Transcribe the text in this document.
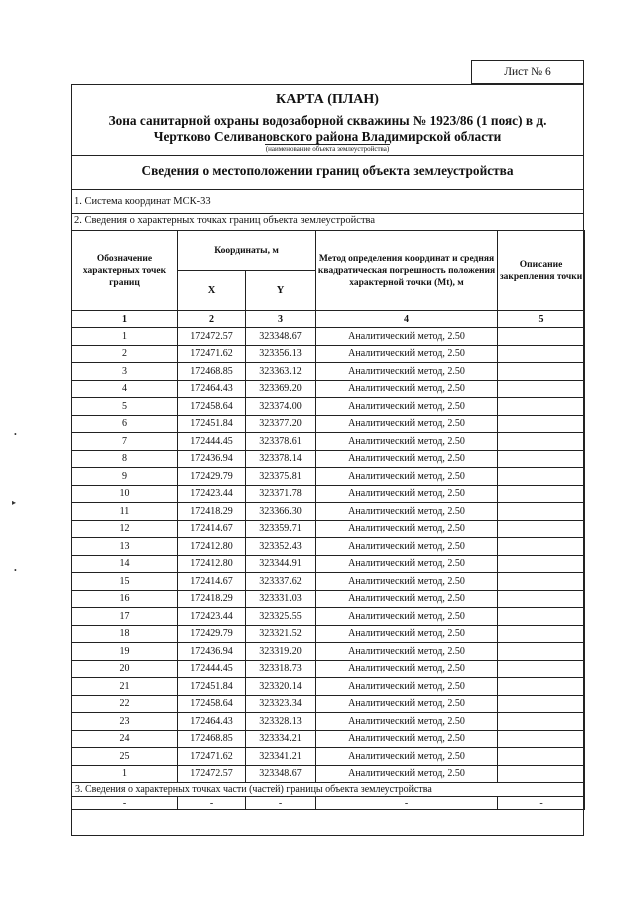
Лист № 6
КАРТА (ПЛАН)
Зона санитарной охраны водозаборной скважины № 1923/86 (1 пояс) в д.
Чертково Селивановского района Владимирской области
(наименование объекта землеустройства)
Сведения о местоположении границ объекта землеустройства
1. Система координат МСК-33
2. Сведения о характерных точках границ объекта землеустройства
Обозначение характерных точек границ	Координаты, м		Метод определения координат и средняя квадратическая погрешность положения характерной точки (Mt), м	Описание закрепления точки
	X	Y		
1	2	3	4	5
1	172472.57	323348.67	Аналитический метод, 2.50	
2	172471.62	323356.13	Аналитический метод, 2.50	
3	172468.85	323363.12	Аналитический метод, 2.50	
4	172464.43	323369.20	Аналитический метод, 2.50	
5	172458.64	323374.00	Аналитический метод, 2.50	
6	172451.84	323377.20	Аналитический метод, 2.50	
7	172444.45	323378.61	Аналитический метод, 2.50	
8	172436.94	323378.14	Аналитический метод, 2.50	
9	172429.79	323375.81	Аналитический метод, 2.50	
10	172423.44	323371.78	Аналитический метод, 2.50	
11	172418.29	323366.30	Аналитический метод, 2.50	
12	172414.67	323359.71	Аналитический метод, 2.50	
13	172412.80	323352.43	Аналитический метод, 2.50	
14	172412.80	323344.91	Аналитический метод, 2.50	
15	172414.67	323337.62	Аналитический метод, 2.50	
16	172418.29	323331.03	Аналитический метод, 2.50	
17	172423.44	323325.55	Аналитический метод, 2.50	
18	172429.79	323321.52	Аналитический метод, 2.50	
19	172436.94	323319.20	Аналитический метод, 2.50	
20	172444.45	323318.73	Аналитический метод, 2.50	
21	172451.84	323320.14	Аналитический метод, 2.50	
22	172458.64	323323.34	Аналитический метод, 2.50	
23	172464.43	323328.13	Аналитический метод, 2.50	
24	172468.85	323334.21	Аналитический метод, 2.50	
25	172471.62	323341.21	Аналитический метод, 2.50	
1	172472.57	323348.67	Аналитический метод, 2.50	
3. Сведения о характерных точках части (частей) границы объекта землеустройства				
-	-	-	-	-
•
▸
•
